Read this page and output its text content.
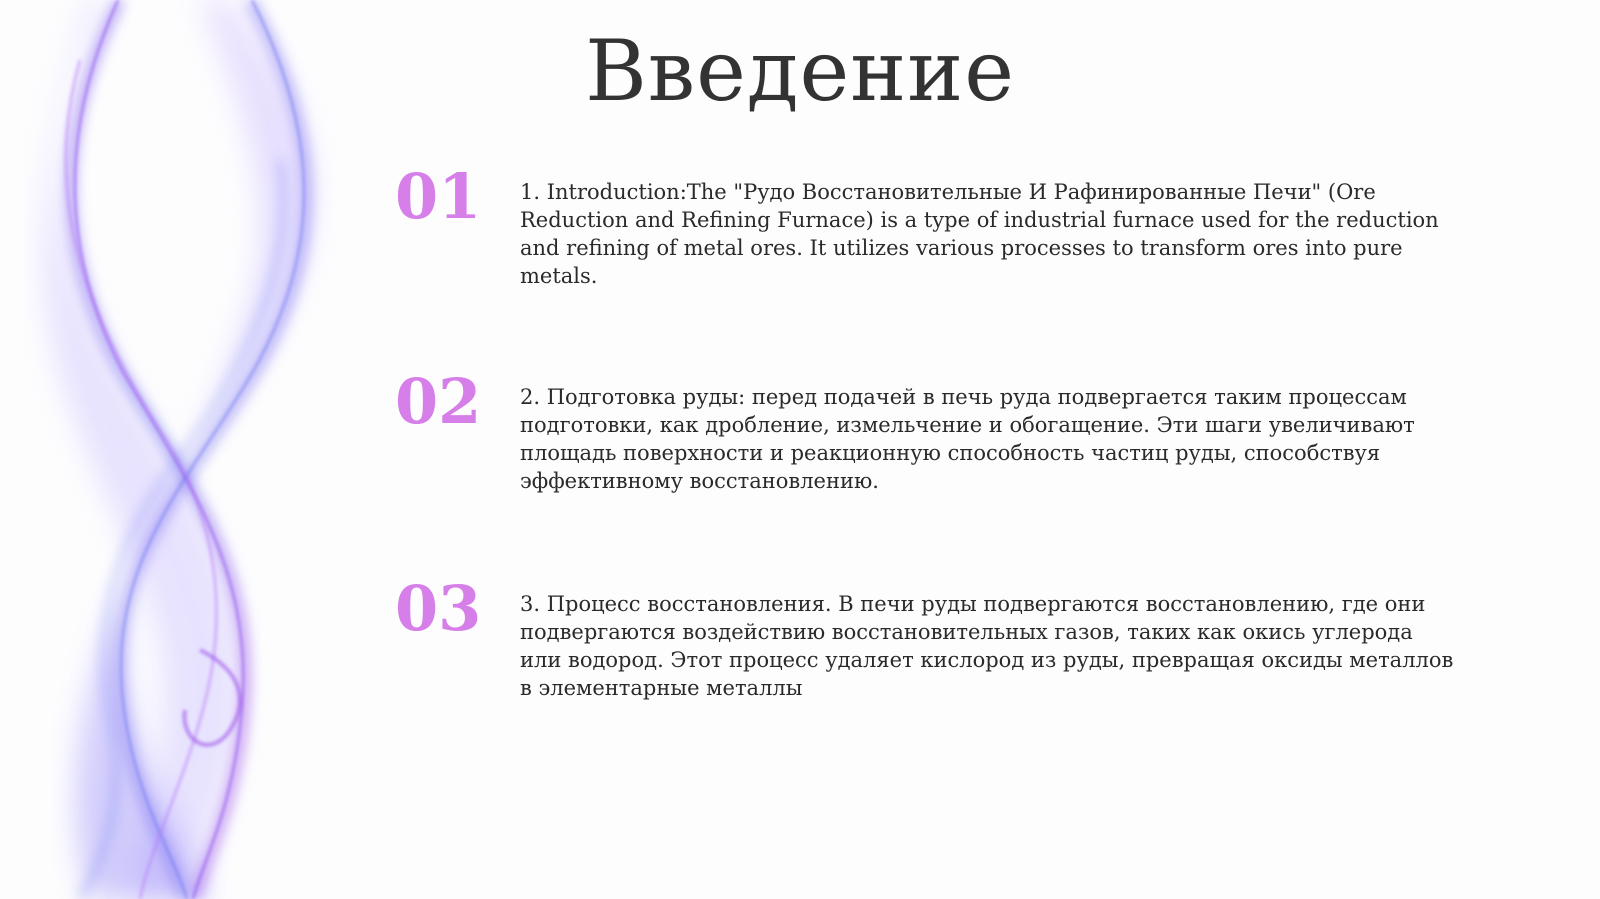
Введение
01	1. Introduction:The "Рудо Восстановительные И Рафинированные Печи" (Ore Reduction and Refining Furnace) is a type of industrial furnace used for the reduction and refining of metal ores. It utilizes various processes to transform ores into pure metals.
02	2. Подготовка руды: перед подачей в печь руда подвергается таким процессам подготовки, как дробление, измельчение и обогащение. Эти шаги увеличивают площадь поверхности и реакционную способность частиц руды, способствуя эффективному восстановлению.
03	3. Процесс восстановления. В печи руды подвергаются восстановлению, где они подвергаются воздействию восстановительных газов, таких как окись углерода или водород. Этот процесс удаляет кислород из руды, превращая оксиды металлов в элементарные металлы
